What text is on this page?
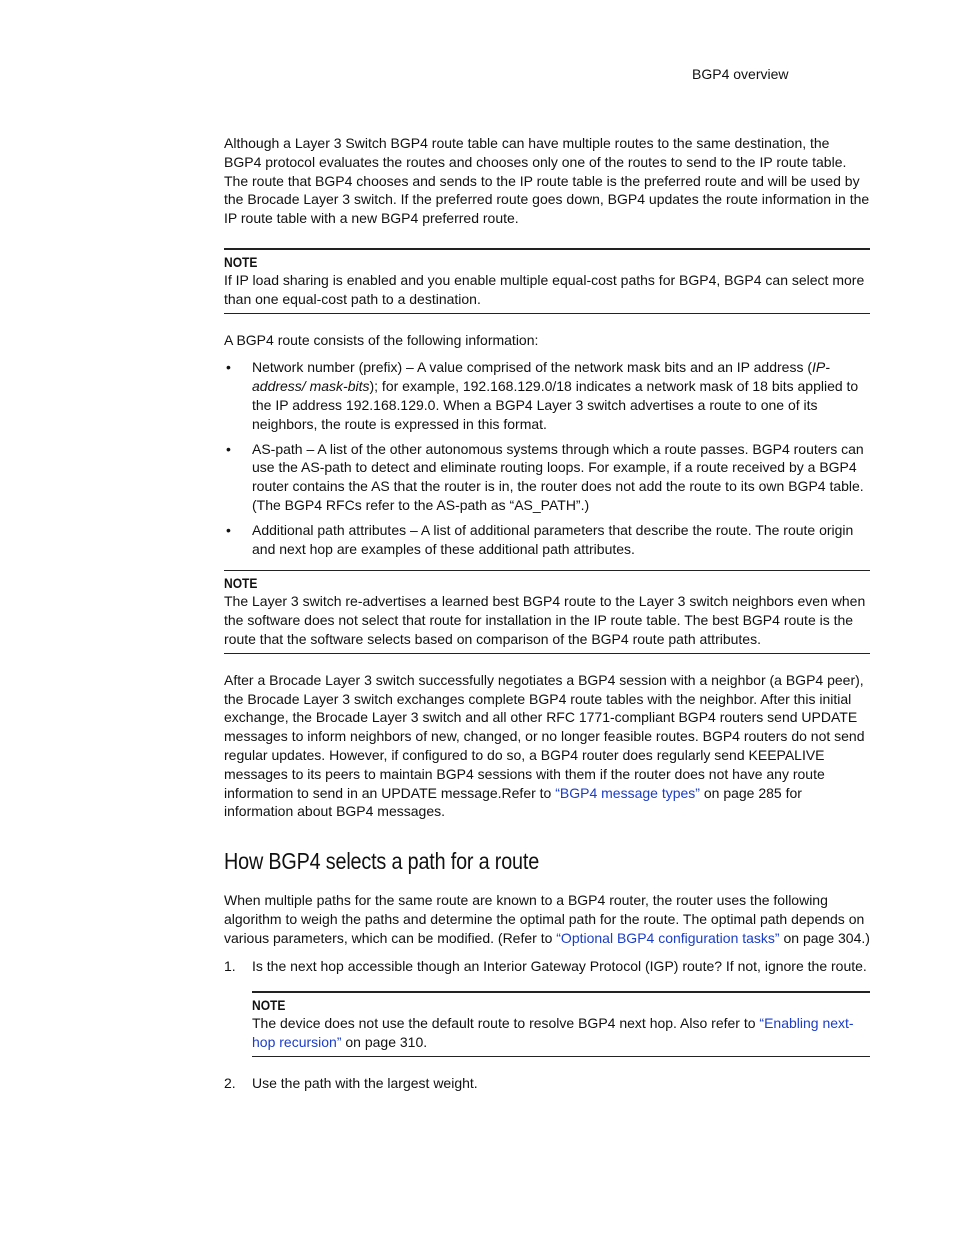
BGP4 overview

Although a Layer 3 Switch BGP4 route table can have multiple routes to the same destination, the BGP4 protocol evaluates the routes and chooses only one of the routes to send to the IP route table. The route that BGP4 chooses and sends to the IP route table is the preferred route and will be used by the Brocade Layer 3 switch. If the preferred route goes down, BGP4 updates the route information in the IP route table with a new BGP4 preferred route.

NOTE

If IP load sharing is enabled and you enable multiple equal-cost paths for BGP4, BGP4 can select more than one equal-cost path to a destination.

A BGP4 route consists of the following information:

• Network number (prefix) – A value comprised of the network mask bits and an IP address (IP-address/ mask-bits); for example, 192.168.129.0/18 indicates a network mask of 18 bits applied to the IP address 192.168.129.0. When a BGP4 Layer 3 switch advertises a route to one of its neighbors, the route is expressed in this format.
• AS-path – A list of the other autonomous systems through which a route passes. BGP4 routers can use the AS-path to detect and eliminate routing loops. For example, if a route received by a BGP4 router contains the AS that the router is in, the router does not add the route to its own BGP4 table. (The BGP4 RFCs refer to the AS-path as “AS_PATH”.)
• Additional path attributes – A list of additional parameters that describe the route. The route origin and next hop are examples of these additional path attributes.
NOTE

The Layer 3 switch re-advertises a learned best BGP4 route to the Layer 3 switch neighbors even when the software does not select that route for installation in the IP route table. The best BGP4 route is the route that the software selects based on comparison of the BGP4 route path attributes.

After a Brocade Layer 3 switch successfully negotiates a BGP4 session with a neighbor (a BGP4 peer), the Brocade Layer 3 switch exchanges complete BGP4 route tables with the neighbor. After this initial exchange, the Brocade Layer 3 switch and all other RFC 1771-compliant BGP4 routers send UPDATE messages to inform neighbors of new, changed, or no longer feasible routes. BGP4 routers do not send regular updates. However, if configured to do so, a BGP4 router does regularly send KEEPALIVE messages to its peers to maintain BGP4 sessions with them if the router does not have any route information to send in an UPDATE message.Refer to “BGP4 message types” on page 285 for information about BGP4 messages.

How BGP4 selects a path for a route

When multiple paths for the same route are known to a BGP4 router, the router uses the following algorithm to weigh the paths and determine the optimal path for the route. The optimal path depends on various parameters, which can be modified. (Refer to “Optional BGP4 configuration tasks” on page 304.)

1.	Is the next hop accessible though an Interior Gateway Protocol (IGP) route? If not, ignore the route.
NOTE

The device does not use the default route to resolve BGP4 next hop. Also refer to “Enabling next-hop recursion” on page 310.

2.	Use the path with the largest weight.
